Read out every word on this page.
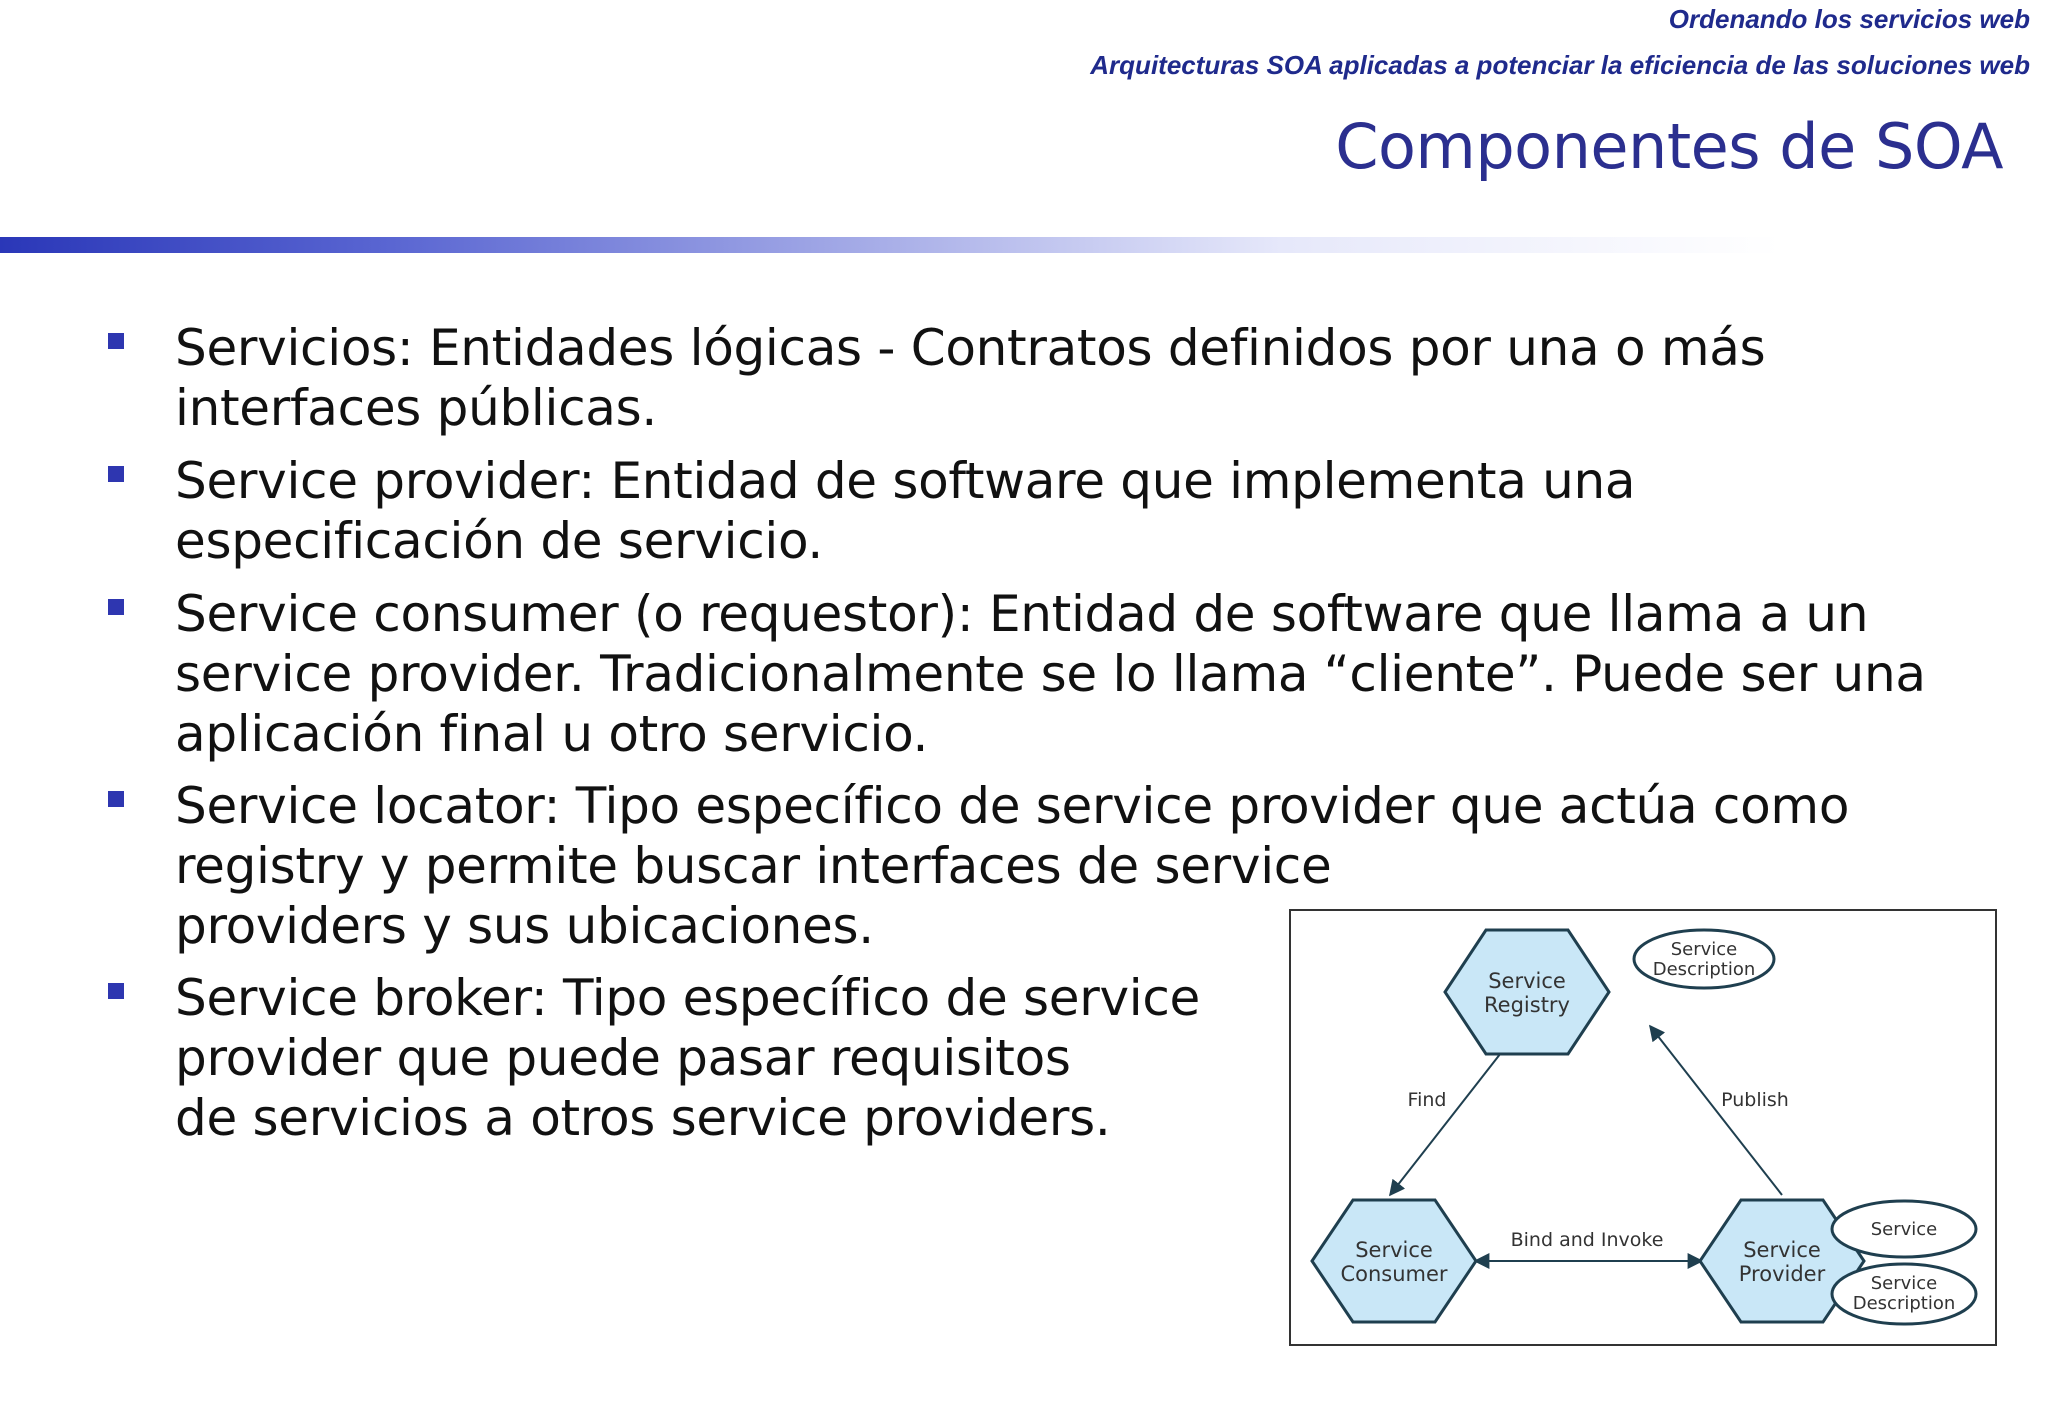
Ordenando los servicios web

Arquitecturas SOA aplicadas a potenciar la eficiencia de las soluciones web

Componentes de SOA

Servicios: Entidades lógicas - Contratos definidos por una o más
interfaces públicas.

Service provider: Entidad de software que implementa una
especificación de servicio.

Service consumer (o requestor): Entidad de software que llama a un
service provider. Tradicionalmente se lo llama “cliente”. Puede ser una
aplicación final u otro servicio.

Service locator: Tipo específico de service provider que actúa como
registry y permite buscar interfaces de service
providers y sus ubicaciones.

Service broker: Tipo específico de service
provider que puede pasar requisitos
de servicios a otros service providers.

Service
Registry
Service
Description
Service
Consumer
Service
Provider
Service
Service
Description
Find	Publish
Bind and Invoke
